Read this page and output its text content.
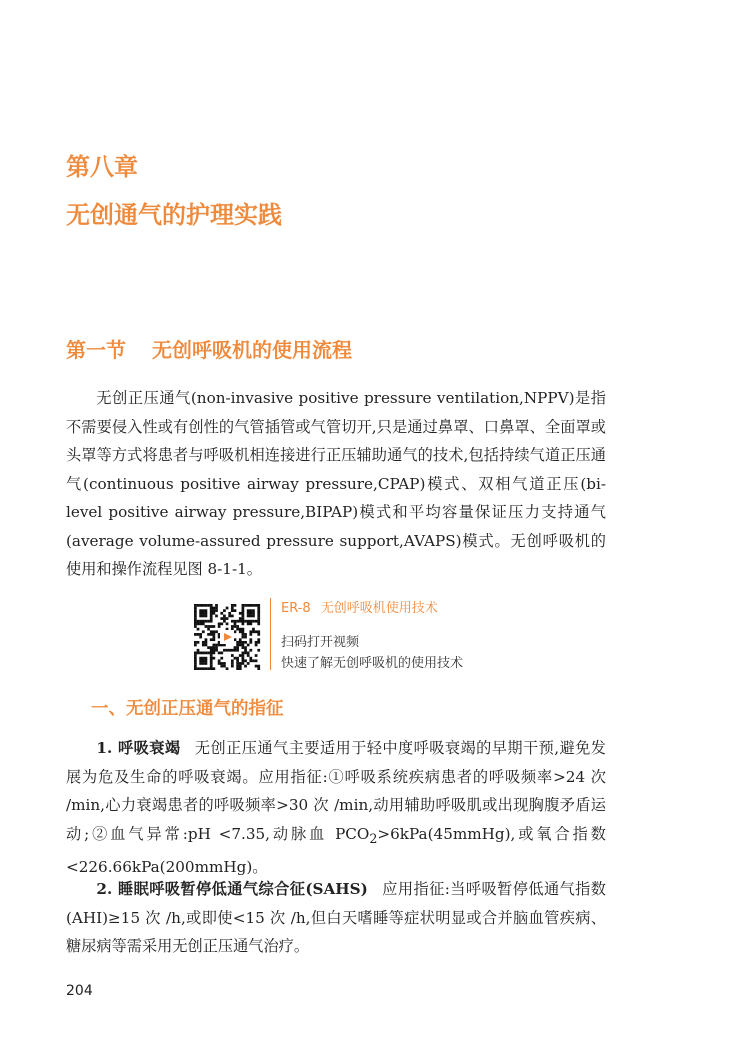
第八章
无创通气的护理实践
第一节 无创呼吸机的使用流程

无创正压通气(non-invasive positive pressure ventilation,NPPV)是指不需要侵入性或有创性的气管插管或气管切开,只是通过鼻罩、口鼻罩、全面罩或头罩等方式将患者与呼吸机相连接进行正压辅助通气的技术,包括持续气道正压通气(continuous positive airway pressure,CPAP)模式、双相气道正压(bi-level positive airway pressure,BIPAP)模式和平均容量保证压力支持通气(average volume-assured pressure support,AVAPS)模式。无创呼吸机的使用和操作流程见图 8-1-1。

ER-8 无创呼吸机使用技术
扫码打开视频
快速了解无创呼吸机的使用技术
一、无创正压通气的指征

1. 呼吸衰竭 无创正压通气主要适用于轻中度呼吸衰竭的早期干预,避免发展为危及生命的呼吸衰竭。应用指征:①呼吸系统疾病患者的呼吸频率>24 次 /min,心力衰竭患者的呼吸频率>30 次 /min,动用辅助呼吸肌或出现胸腹矛盾运动;②血气异常:pH <7.35,动脉血 $PCO_2>6kPa(45mmHg)$,或氧合指数<226.66kPa(200mmHg)。

2. 睡眠呼吸暂停低通气综合征(SAHS) 应用指征:当呼吸暂停低通气指数(AHI)≥15 次 /h,或即使<15 次 /h,但白天嗜睡等症状明显或合并脑血管疾病、糖尿病等需采用无创正压通气治疗。

204
